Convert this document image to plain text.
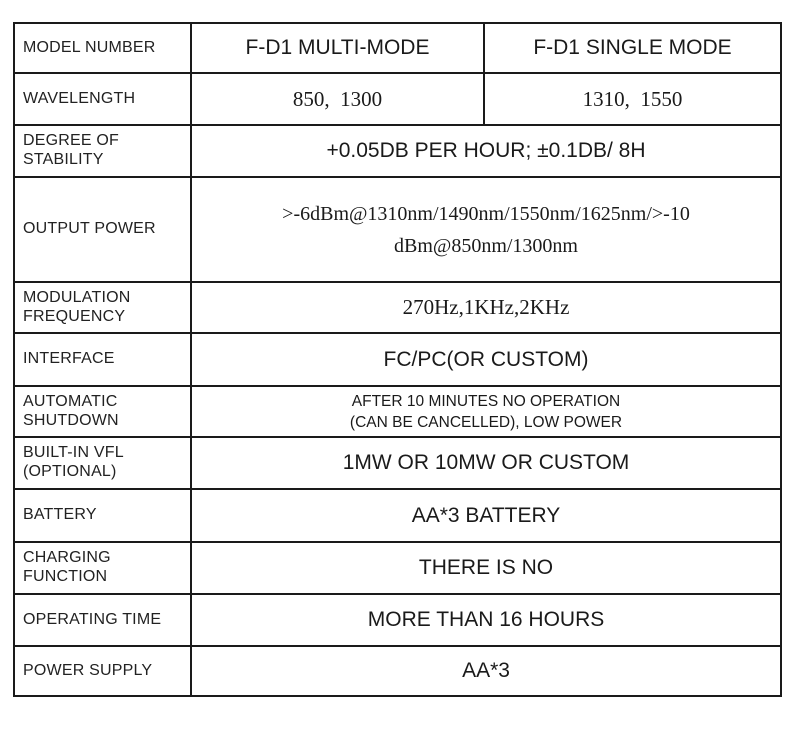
MODEL NUMBER	F-D1 MULTI-MODE	F-D1 SINGLE MODE
WAVELENGTH	850, 1300	1310, 1550
DEGREE OF STABILITY	+0.05DB PER HOUR; ±0.1DB/ 8H	
OUTPUT POWER	>-6dBm@1310nm/1490nm/1550nm/1625nm/>-10
dBm@850nm/1300nm	

MODULATION FREQUENCY	270Hz,1KHz,2KHz	
INTERFACE	FC/PC(OR CUSTOM)	
AUTOMATIC SHUTDOWN	AFTER 10 MINUTES NO OPERATION
(CAN BE CANCELLED), LOW POWER	

BUILT-IN VFL (OPTIONAL)	1MW OR 10MW OR CUSTOM	
BATTERY	AA*3 BATTERY	
CHARGING FUNCTION	THERE IS NO	
OPERATING TIME	MORE THAN 16 HOURS	
POWER SUPPLY	AA*3	
